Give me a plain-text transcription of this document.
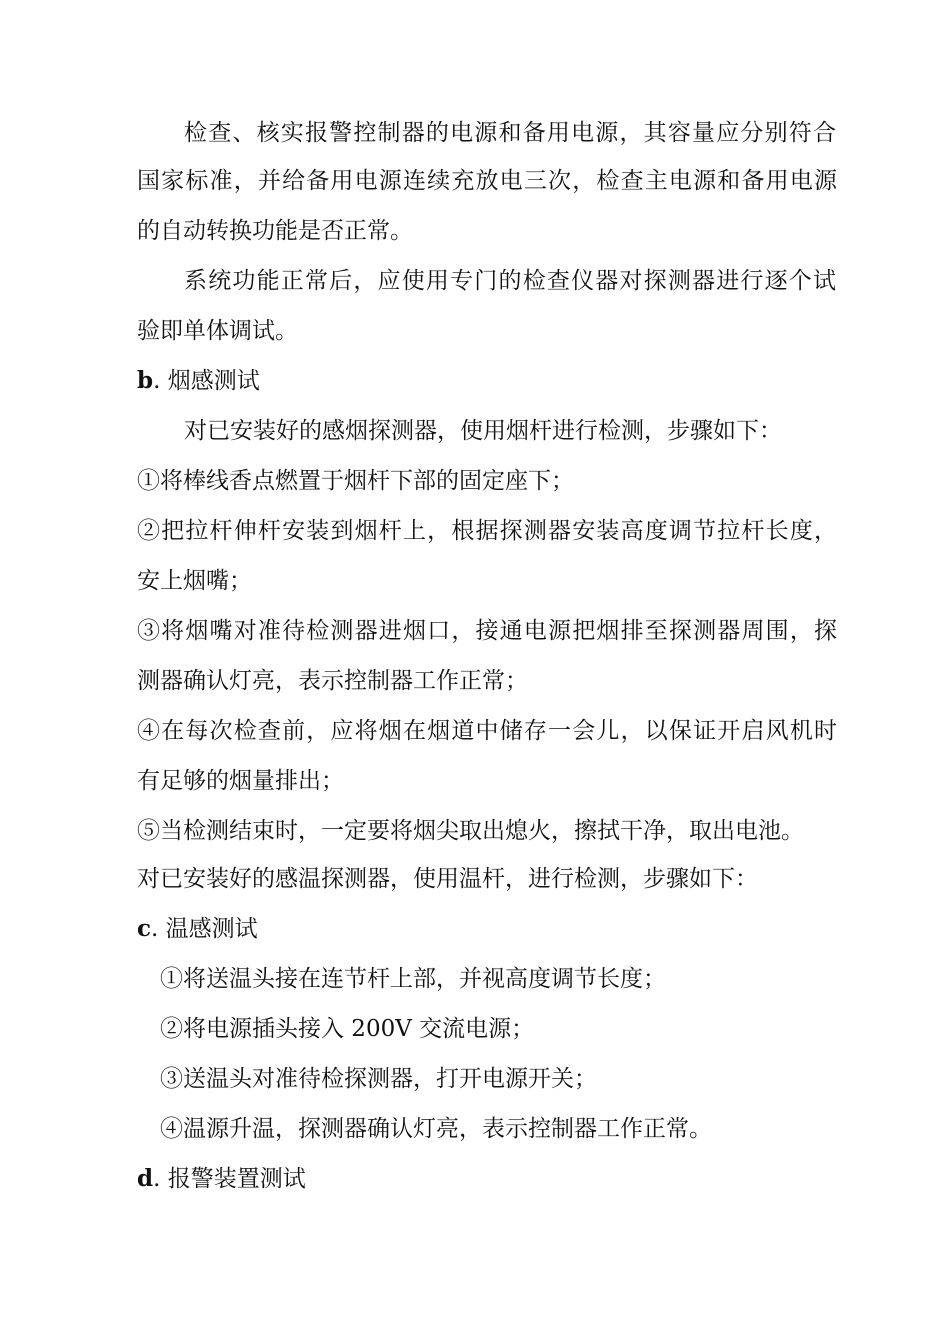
检查、核实报警控制器的电源和备用电源，其容量应分别符合
国家标准，并给备用电源连续充放电三次，检查主电源和备用电源
的自动转换功能是否正常。
系统功能正常后，应使用专门的检查仪器对探测器进行逐个试
验即单体调试。
b. 烟感测试
对已安装好的感烟探测器，使用烟杆进行检测，步骤如下：
①将棒线香点燃置于烟杆下部的固定座下；
②把拉杆伸杆安装到烟杆上，根据探测器安装高度调节拉杆长度，
安上烟嘴；
③将烟嘴对准待检测器进烟口，接通电源把烟排至探测器周围，探
测器确认灯亮，表示控制器工作正常；
④在每次检查前，应将烟在烟道中储存一会儿，以保证开启风机时
有足够的烟量排出；
⑤当检测结束时，一定要将烟尖取出熄火，擦拭干净，取出电池。
对已安装好的感温探测器，使用温杆，进行检测，步骤如下：
c. 温感测试
①将送温头接在连节杆上部，并视高度调节长度；
②将电源插头接入 200V 交流电源；
③送温头对准待检探测器，打开电源开关；
④温源升温，探测器确认灯亮，表示控制器工作正常。
d. 报警装置测试
